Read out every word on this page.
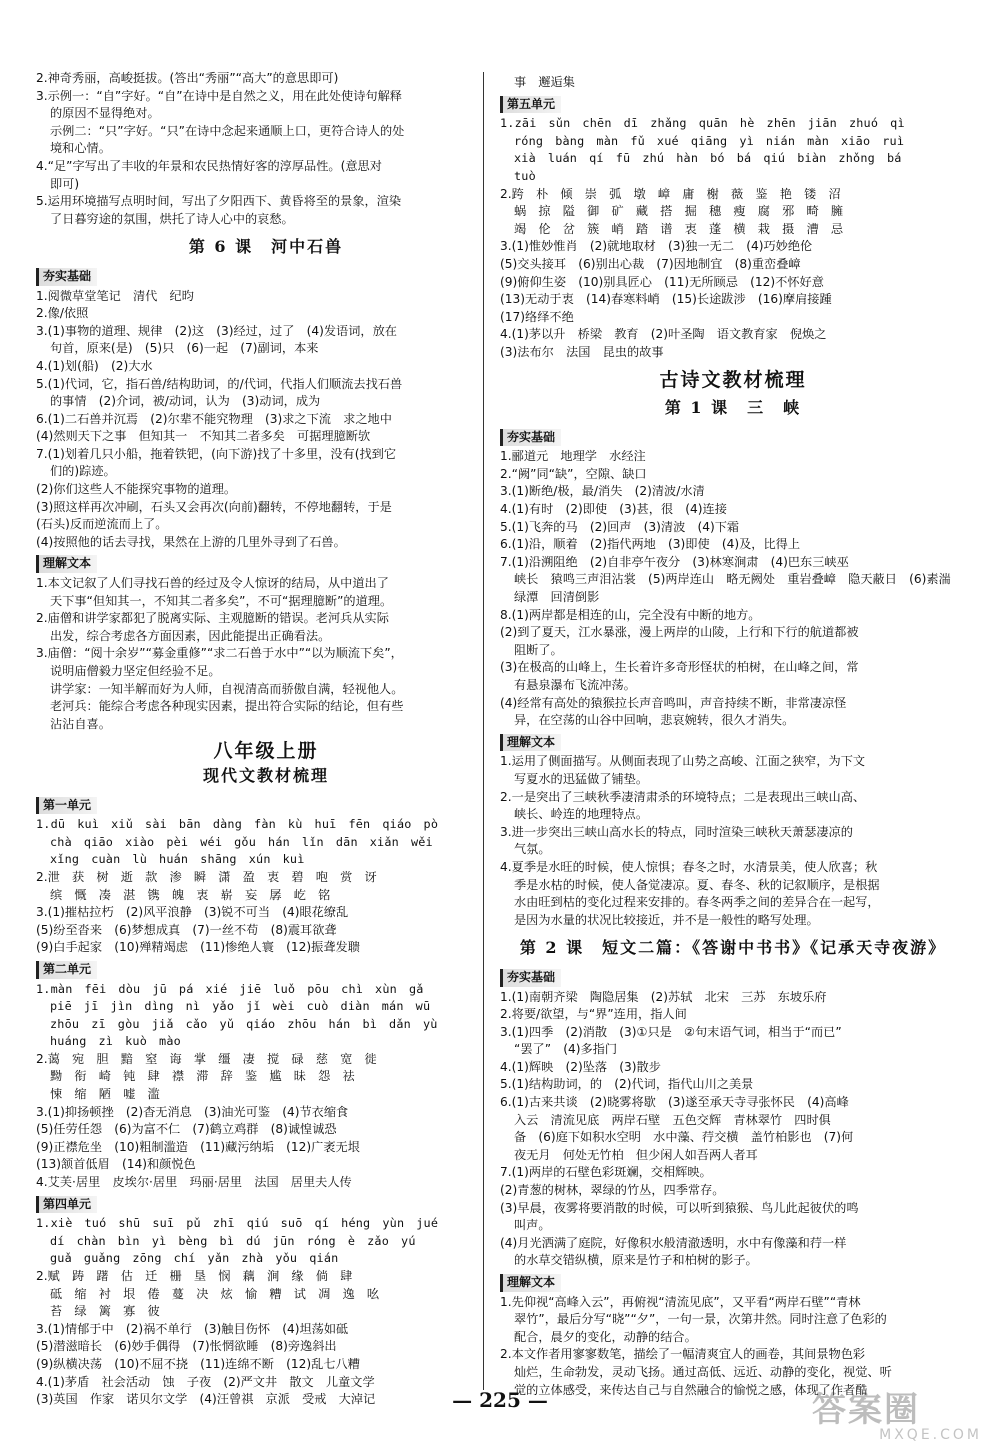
2.神奇秀丽，高峻挺拔。(答出“秀丽”“高大”的意思即可)
3.示例一：“自”字好。“自”在诗中是自然之义，用在此处使诗句解释
的原因不显得绝对。
示例二：“只”字好。“只”在诗中念起来通顺上口，更符合诗人的处
境和心情。
4.“足”字写出了丰收的年景和农民热情好客的淳厚品性。(意思对
即可)
5.运用环境描写点明时间，写出了夕阳西下、黄昏将至的景象，渲染
了日暮穷途的氛围，烘托了诗人心中的哀愁。
第 6 课　河中石兽
夯实基础
1.阅微草堂笔记　清代　纪昀
2.像/依照
3.(1)事物的道理、规律　(2)这　(3)经过，过了　(4)发语词，放在
句首，原来(是)　(5)只　(6)一起　(7)副词，本来
4.(1)划(船)　(2)大水
5.(1)代词，它，指石兽/结构助词，的/代词，代指人们顺流去找石兽
的事情　(2)介词，被/动词，认为　(3)动词，成为
6.(1)二石兽并沉焉　(2)尔辈不能究物理　(3)求之下流　求之地中
(4)然则天下之事　但知其一　不知其二者多矣　可据理臆断欤
7.(1)划着几只小船，拖着铁钯，(向下游)找了十多里，没有(找到它
们的)踪迹。
(2)你们这些人不能探究事物的道理。
(3)照这样再次冲刷，石头又会再次(向前)翻转，不停地翻转，于是
(石头)反而逆流而上了。
(4)按照他的话去寻找，果然在上游的几里外寻到了石兽。
理解文本
1.本文记叙了人们寻找石兽的经过及令人惊讶的结局，从中道出了
天下事“但知其一，不知其二者多矣”，不可“据理臆断”的道理。
2.庙僧和讲学家都犯了脱离实际、主观臆断的错误。老河兵从实际
出发，综合考虑各方面因素，因此能提出正确看法。
3.庙僧：“阅十余岁”“募金重修”“求二石兽于水中”“以为顺流下矣”，
说明庙僧毅力坚定但经验不足。
讲学家：一知半解而好为人师，自视清高而骄傲自满，轻视他人。
老河兵：能综合考虑各种现实因素，提出符合实际的结论，但有些
沾沾自喜。
八年级上册
现代文教材梳理
第一单元
1.dū　kuì　xiǔ　sài　bān　dàng　fàn　kù　huī　fēn　qiáo　pò
chà　qiāo　xiào　pèi　wéi　gǒu　hán　lǐn　dān　xiǎn　wěi
xǐng　cuàn　lù　huán　shāng　xún　kuì
2.泄　获　树　逝　款　渗　瞬　潇　盈　衷　碧　咆　赏　讶
缤　慨　凑　湛　镌　魄　衷　崭　妄　孱　屹　铭
3.(1)摧枯拉朽　(2)风平浪静　(3)锐不可当　(4)眼花缭乱
(5)纷至沓来　(6)梦想成真　(7)一丝不苟　(8)震耳欲聋
(9)白手起家　(10)殚精竭虑　(11)惨绝人寰　(12)振聋发聩
第二单元
1.màn　fēi　dòu　jū　pá　xié　jiē　luǒ　pōu　chì　xùn　gǎ
piē　jī　jìn　dìng　nì　yǎo　jǐ　wèi　cuò　diàn　mán　wū
zhōu　zī　gòu　jiǎ　cǎo　yǔ　qiáo　zhōu　hán　bì　dǎn　yù
huáng　zì　kuò　mào
2.蔼　宛　胆　黯　窒　诲　掌　缰　凄　搅　碌　慈　宽　徙
黝　衔　崎　钝　肆　襟　滞　辞　鉴　尴　昧　怨　祛
悚　缩　陋　嘘　滥
3.(1)抑扬顿挫　(2)杳无消息　(3)油光可鉴　(4)节衣缩食
(5)任劳任怨　(6)为富不仁　(7)鹤立鸡群　(8)诚惶诚恐
(9)正襟危坐　(10)粗制滥造　(11)藏污纳垢　(12)广袤无垠
(13)颔首低眉　(14)和颜悦色
4.艾芙·居里　皮埃尔·居里　玛丽·居里　法国　居里夫人传
第四单元
1.xiè　tuó　shū　suī　pǔ　zhī　qiú　suō　qí　héng　yùn　jué
dí　chàn　bìn　yì　bèng　bì　dú　jūn　róng　è　zǎo　yú
guǎ　guǎng　zōng　chí　yǎn　zhà　yǒu　qián
2.赋　踌　躇　估　迁　栅　垦　悯　藕　涧　缘　倘　肆
砥　缩　衬　垠　倦　蔓　决　炫　愉　糟　试　凋　逸　吆
苔　绿　篱　寡　彼
3.(1)情郁于中　(2)祸不单行　(3)触目伤怀　(4)坦荡如砥
(5)潜滋暗长　(6)妙手偶得　(7)怅惘欲睡　(8)旁逸斜出
(9)纵横决荡　(10)不屈不挠　(11)连绵不断　(12)乱七八糟
4.(1)茅盾　社会活动　蚀　子夜　(2)严文井　散文　儿童文学
(3)英国　作家　诺贝尔文学　(4)汪曾祺　京派　受戒　大淖记
事　邂逅集
第五单元
1.zāi　sǔn　chēn　dī　zhǎng　quān　hè　zhēn　jiān　zhuó　qì
róng　bàng　màn　fǔ　xué　qiāng　yì　nián　màn　xiāo　ruì
xià　luán　qí　fū　zhú　hàn　bó　bá　qiú　biàn　zhǒng　bá
tuò
2.跨　朴　倾　崇　弧　墩　嶂　庸　榭　薇　鉴　艳　镂　沼
蜗　掠　隘　御　矿　藏　搭　掘　穗　瘦　腐　邪　畸　臃
竭　伦　岔　簇　峭　踏　谱　衷　蓬　横　栽　摄　漕　忌
3.(1)惟妙惟肖　(2)就地取材　(3)独一无二　(4)巧妙绝伦
(5)交头接耳　(6)别出心裁　(7)因地制宜　(8)重峦叠嶂
(9)俯仰生姿　(10)别具匠心　(11)无所顾忌　(12)不怀好意
(13)无动于衷　(14)春寒料峭　(15)长途跋涉　(16)摩肩接踵
(17)络绎不绝
4.(1)茅以升　桥梁　教育　(2)叶圣陶　语文教育家　倪焕之
(3)法布尔　法国　昆虫的故事
古诗文教材梳理
第 1 课　三　峡
夯实基础
1.郦道元　地理学　水经注
2.“阙”同“缺”，空隙、缺口
3.(1)断绝/极，最/消失　(2)清波/水清
4.(1)有时　(2)即使　(3)甚，很　(4)连接
5.(1)飞奔的马　(2)回声　(3)清波　(4)下霜
6.(1)沿，顺着　(2)指代两地　(3)即使　(4)及，比得上
7.(1)沿溯阻绝　(2)自非亭午夜分　(3)林寒涧肃　(4)巴东三峡巫
峡长　猿鸣三声泪沾裳　(5)两岸连山　略无阙处　重岩叠嶂　隐天蔽日　(6)素湍
绿潭　回清倒影
8.(1)两岸都是相连的山，完全没有中断的地方。
(2)到了夏天，江水暴涨，漫上两岸的山陵，上行和下行的航道都被
阻断了。
(3)在极高的山峰上，生长着许多奇形怪状的柏树，在山峰之间，常
有悬泉瀑布飞流冲荡。
(4)经常有高处的猿猴拉长声音鸣叫，声音持续不断，非常凄凉怪
异，在空荡的山谷中回响，悲哀婉转，很久才消失。
理解文本
1.运用了侧面描写。从侧面表现了山势之高峻、江面之狭窄，为下文
写夏水的迅猛做了铺垫。
2.一是突出了三峡秋季凄清肃杀的环境特点；二是表现出三峡山高、
峡长、岭连的地理特点。
3.进一步突出三峡山高水长的特点，同时渲染三峡秋天萧瑟凄凉的
气氛。
4.夏季是水旺的时候，使人惊惧；春冬之时，水清景美，使人欣喜；秋
季是水枯的时候，使人备觉凄凉。夏、春冬、秋的记叙顺序，是根据
水由旺到枯的变化过程来安排的。春冬两季之间的差异合在一起写，
是因为水量的状况比较接近，并不是一般性的略写处理。
第 2 课　短文二篇：《答谢中书书》《记承天寺夜游》
夯实基础
1.(1)南朝齐梁　陶隐居集　(2)苏轼　北宋　三苏　东坡乐府
2.将要/欲望，与“界”连用，指人间
3.(1)四季　(2)消散　(3)①只是　②句末语气词，相当于“而已”
“罢了”　(4)多指门
4.(1)辉映　(2)坠落　(3)散步
5.(1)结构助词，的　(2)代词，指代山川之美景
6.(1)古来共谈　(2)晓雾将歇　(3)遂至承天寺寻张怀民　(4)高峰
入云　清流见底　两岸石壁　五色交辉　青林翠竹　四时俱
备　(6)庭下如积水空明　水中藻、荇交横　盖竹柏影也　(7)何
夜无月　何处无竹柏　但少闲人如吾两人者耳
7.(1)两岸的石壁色彩斑斓，交相辉映。
(2)青葱的树林，翠绿的竹丛，四季常存。
(3)早晨，夜雾将要消散的时候，可以听到猿猴、鸟儿此起彼伏的鸣
叫声。
(4)月光洒满了庭院，好像积水般清澈透明，水中有像藻和荇一样
的水草交错纵横，原来是竹子和柏树的影子。
理解文本
1.先仰视“高峰入云”，再俯视“清流见底”，又平看“两岸石壁”“青林
翠竹”，最后分写“晓”“夕”，一句一景，次第井然。同时注意了色彩的
配合，晨夕的变化，动静的结合。
2.本文作者用寥寥数笔，描绘了一幅清爽宜人的画卷，其间景物色彩
灿烂，生命勃发，灵动飞扬。通过高低、远近、动静的变化，视觉、听
觉的立体感受，来传达自己与自然融合的愉悦之感，体现了作者酷
— 225 —	答案圈
MXQE.COM
